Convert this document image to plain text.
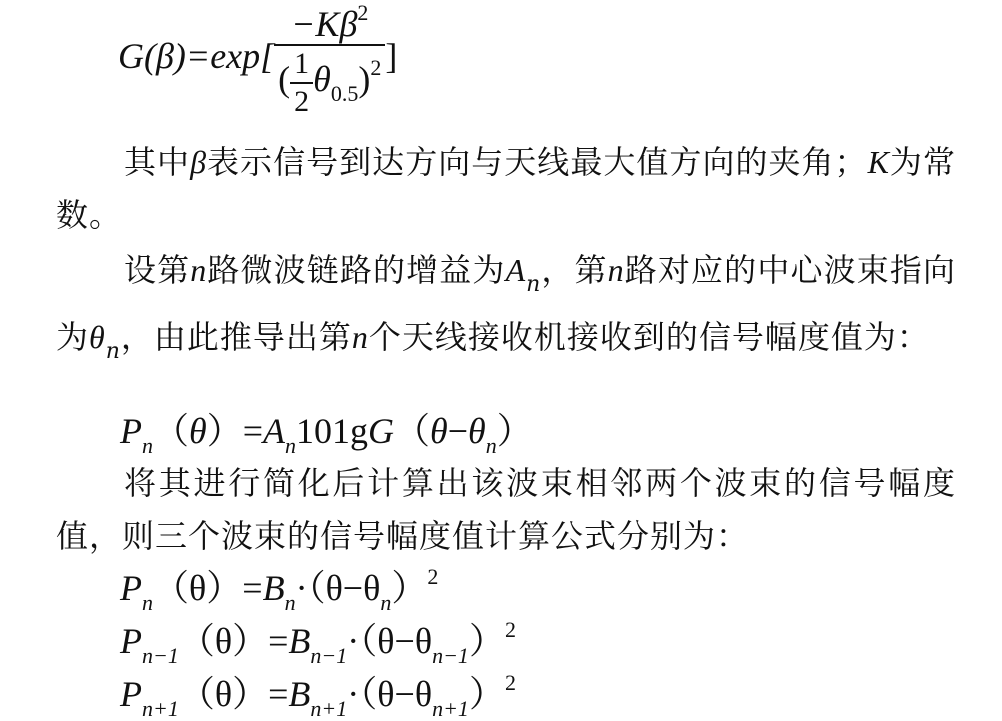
$G(\beta)=\exp[ \frac{-K\beta^2}{( \frac{1}{2} \theta_{0.5})^2}$ ]

其中β表示信号到达方向与天线最大值方向的夹角；K为常数。

设第n路微波链路的增益为$A_n$，第n路对应的中心波束指向为$\theta_n$，由此推导出第n个天线接收机接收到的信号幅度值为：

$P_n(\theta)=A_n101gG(\theta-\theta_n)$

将其进行简化后计算出该波束相邻两个波束的信号幅度值，则三个波束的信号幅度值计算公式分别为：

$P_n(\theta)=B_n\cdot(\theta-\theta_n)^2$
$P_{n-1}(\theta)=B_{n-1}\cdot(\theta-\theta_{n-1})^2$
$P_{n+1}(\theta)=B_{n+1}\cdot(\theta-\theta_{n+1})^2$
